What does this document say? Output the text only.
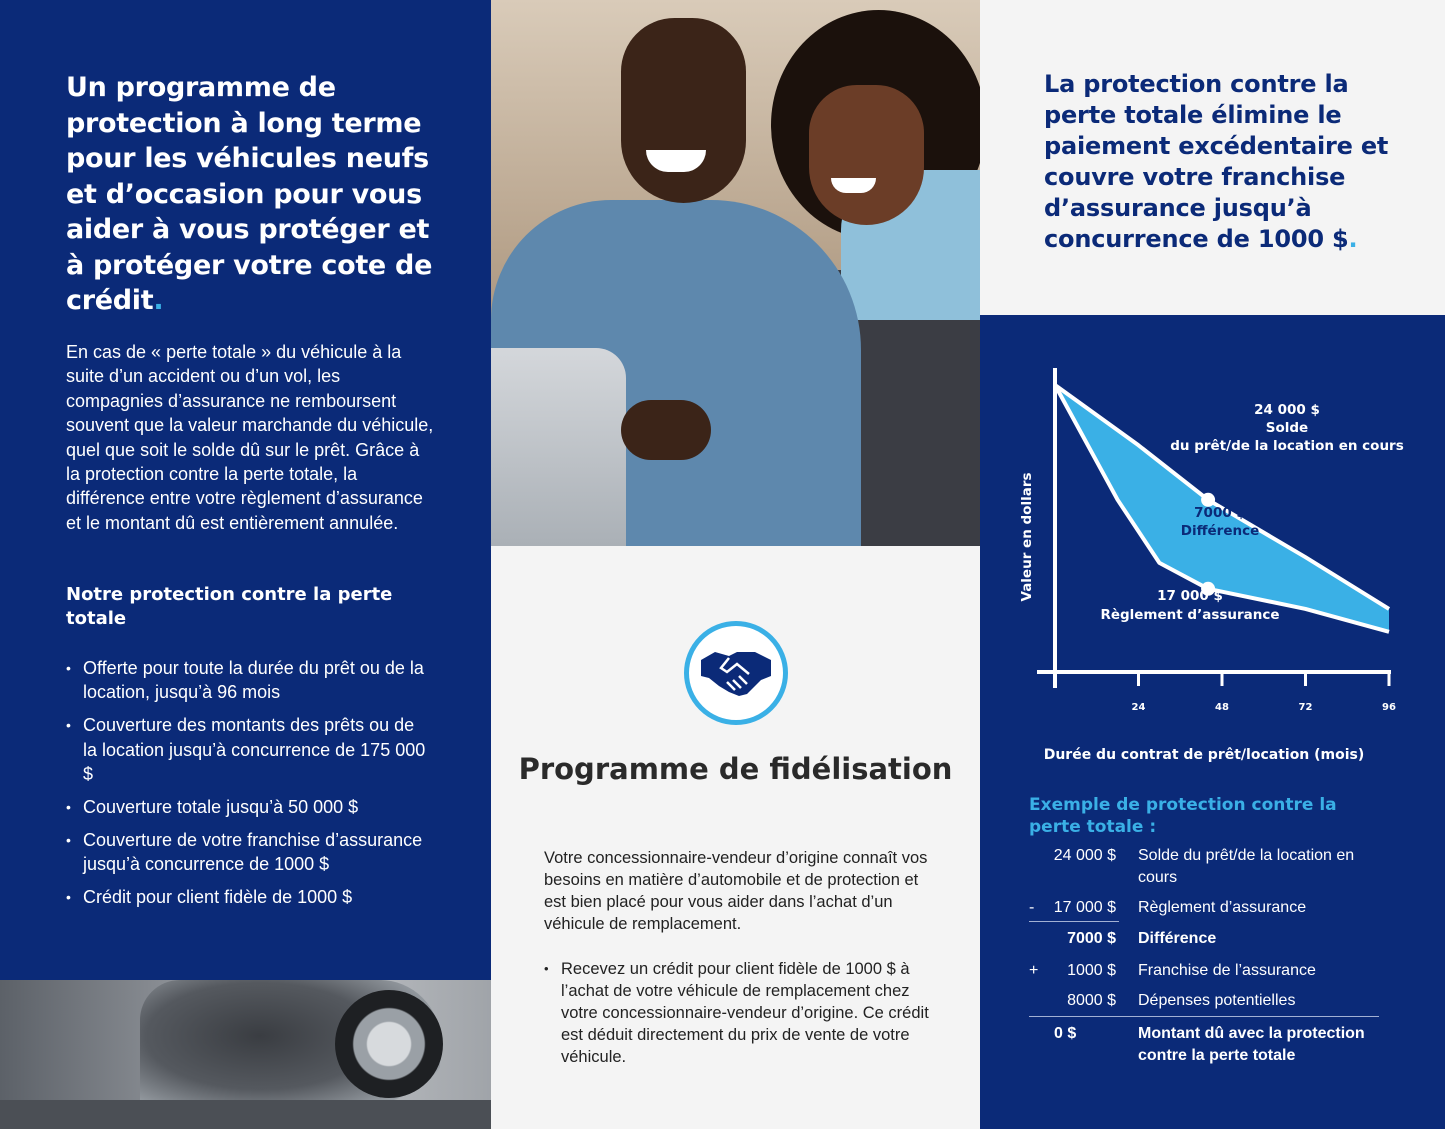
Un programme de protection à long terme pour les véhicules neufs et d’occasion pour vous aider à vous protéger et à protéger votre cote de crédit.

En cas de « perte totale » du véhicule à la suite d’un accident ou d’un vol, les compagnies d’assurance ne remboursent souvent que la valeur marchande du véhicule, quel que soit le solde dû sur le prêt. Grâce à la protection contre la perte totale, la différence entre votre règlement d’assurance et le montant dû est entièrement annulée.

Notre protection contre la perte totale
• Offerte pour toute la durée du prêt ou de la location, jusqu’à 96 mois
• Couverture des montants des prêts ou de la location jusqu’à concurrence de 175 000 $
• Couverture totale jusqu’à 50 000 $
• Couverture de votre franchise d’assurance jusqu’à concurrence de 1000 $
• Crédit pour client fidèle de 1000 $
Programme de fidélisation

Votre concessionnaire-vendeur d’origine connaît vos besoins en matière d’automobile et de protection et est bien placé pour vous aider dans l’achat d’un véhicule de remplacement.

• Recevez un crédit pour client fidèle de 1000 $ à l’achat de votre véhicule de remplacement chez votre concessionnaire-vendeur d’origine. Ce crédit est déduit directement du prix de vente de votre véhicule.

La protection contre la perte totale élimine le paiement excédentaire et couvre votre franchise d’assurance jusqu’à concurrence de 1000 $.
24	48	72	96
24 000 $
Solde du prêt/de la location en cours
7000 $
Différence
17 000 $
Règlement d’assurance
Valeur en dollars
Durée du contrat de prêt/location (mois)
Exemple de protection contre la perte totale :
24 000 $ Solde du prêt/de la location en cours
-	17 000 $ Règlement d’assurance
7000 $ Différence
+	1000 $ Franchise de l’assurance
8000 $ Dépenses potentielles
0 $	Montant dû avec la protection contre la perte totale
